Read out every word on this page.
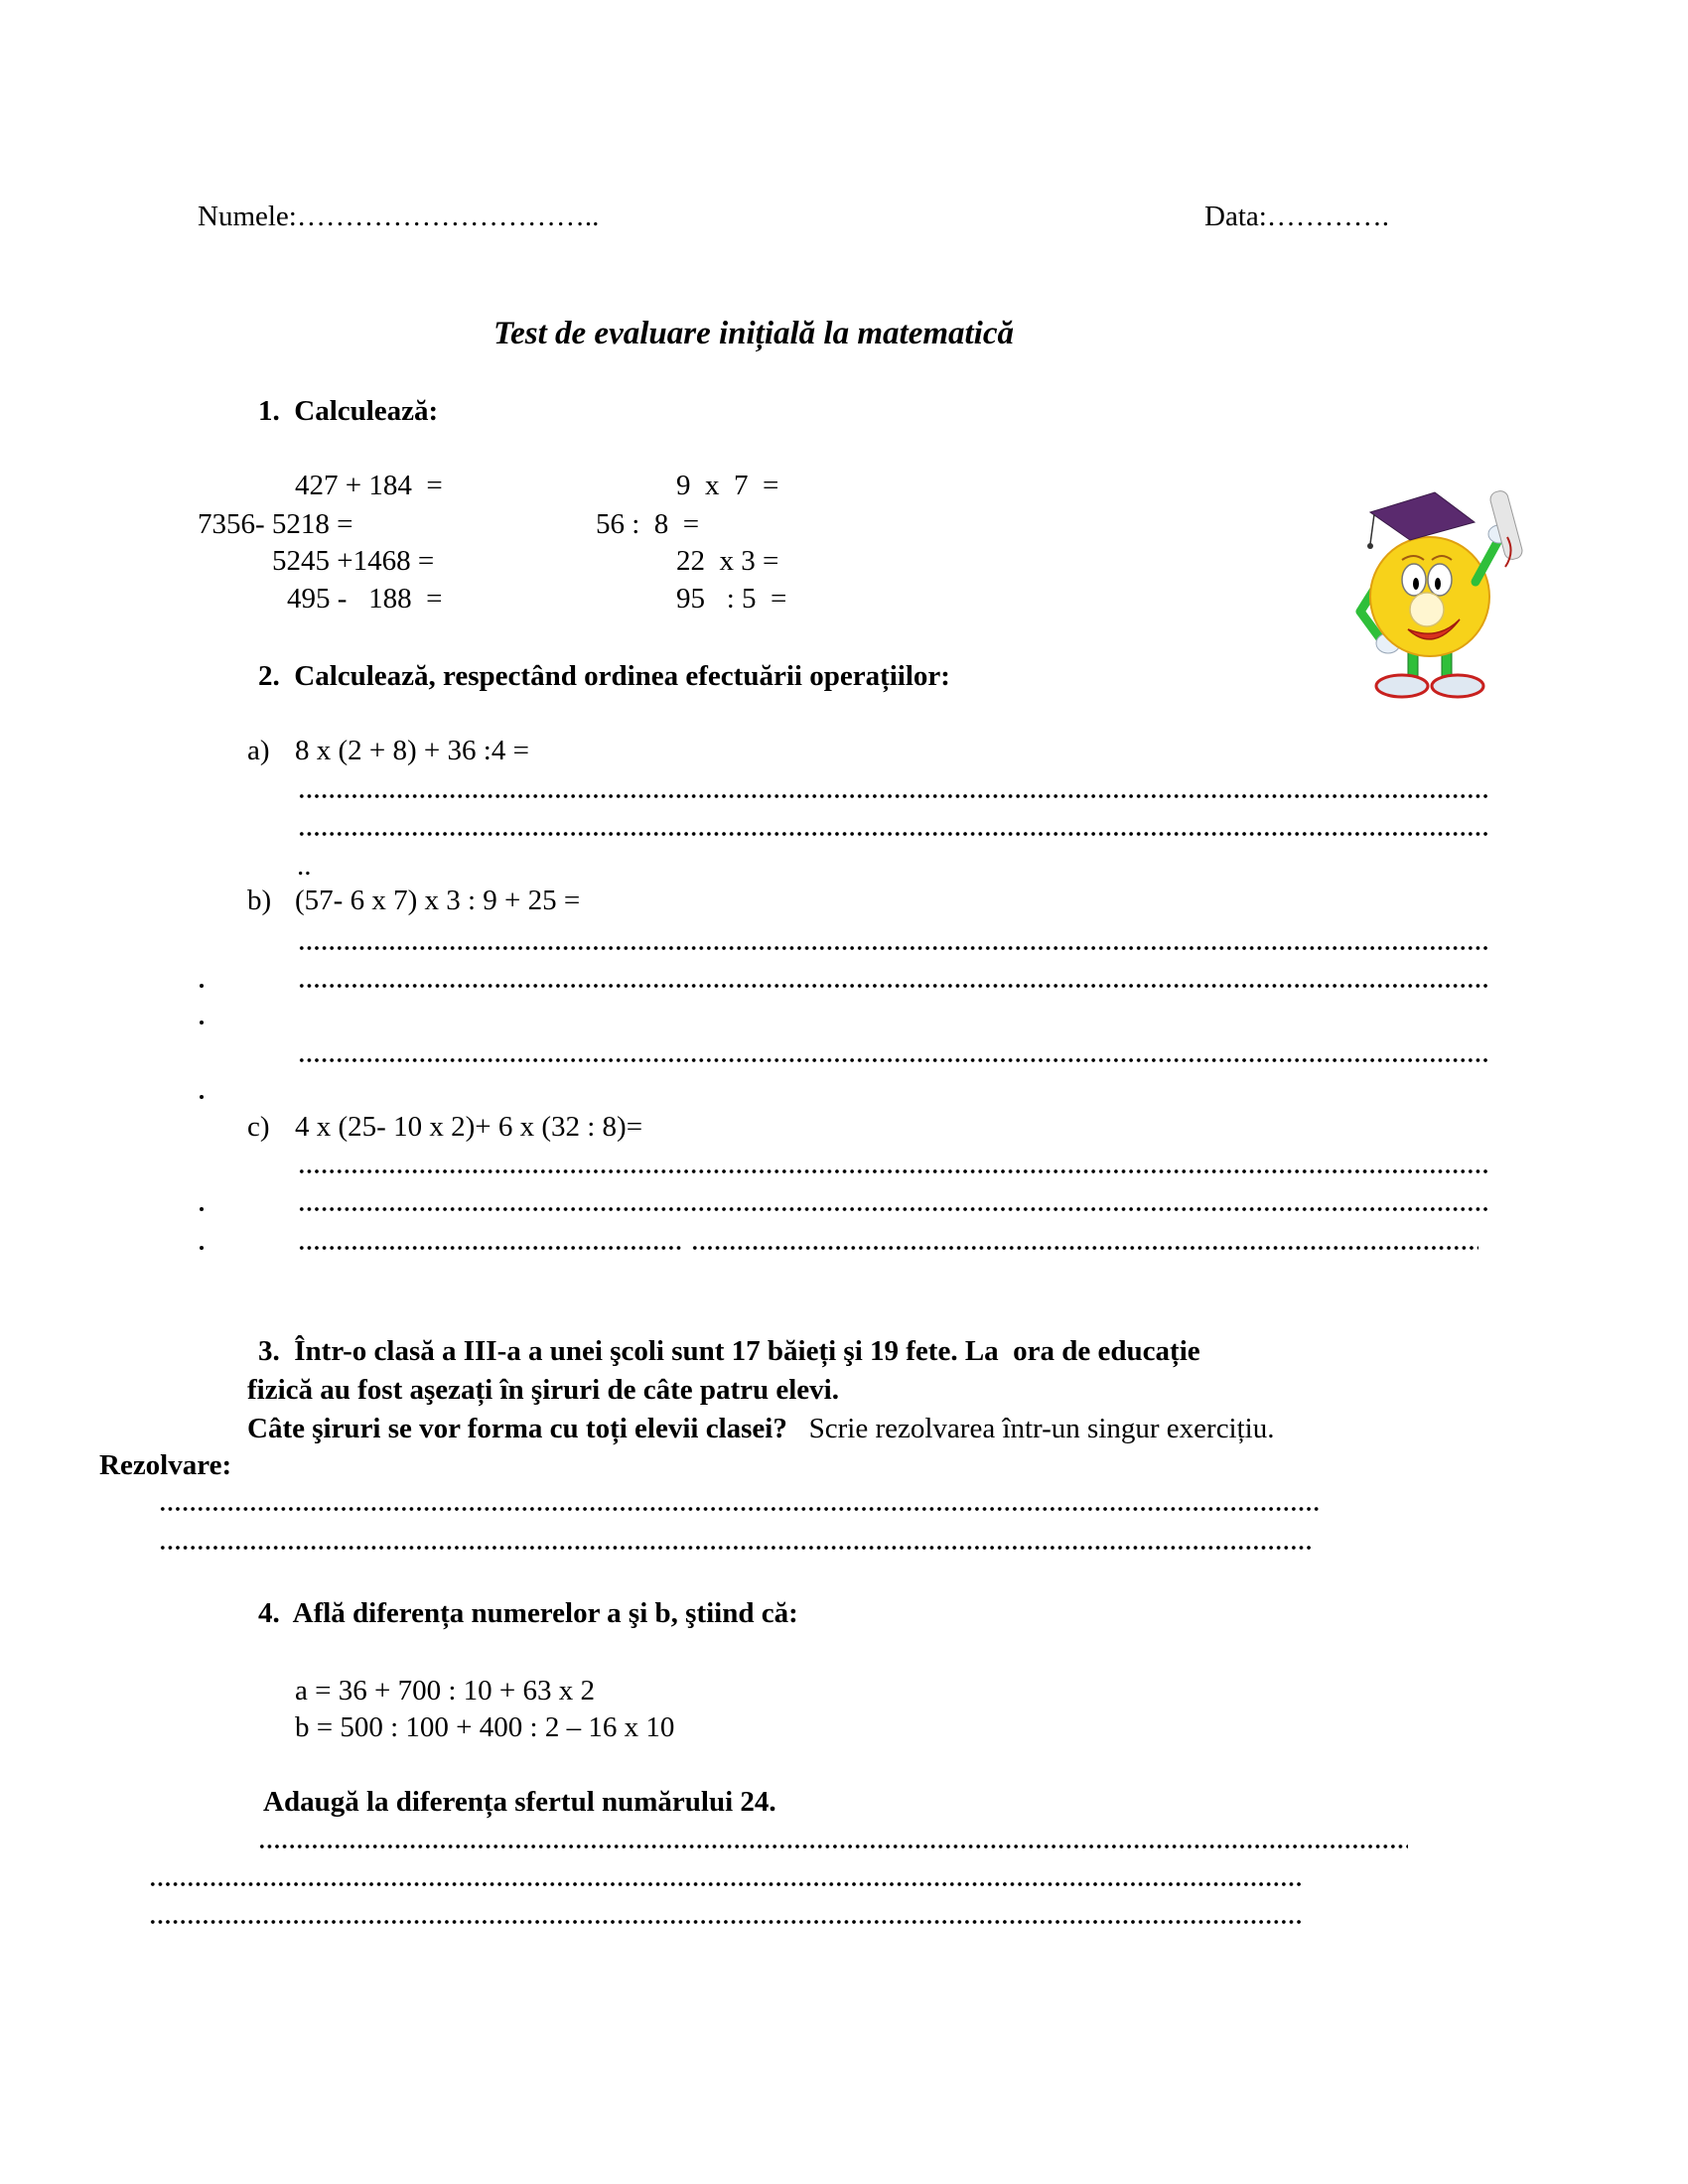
Numele:…………………………..	Data:………….
Test de evaluare inițială la matematică
1.  Calculează:
427 + 184  =
7356- 5218 =
5245 +1468 =
495 -   188  =
9  x  7  =
56 :  8  =
22  x 3 =
95   : 5  =
2.  Calculează, respectând ordinea efectuării operațiilor:
a) 8 x (2 + 8) + 36 :4 =
..
b) (57- 6 x 7) x 3 : 9 + 25 =
c) 4 x (25- 10 x 2)+ 6 x (32 : 8)=
3.  Într-o clasă a III-a a unei şcoli sunt 17 băieți şi 19 fete. La  ora de educație
fizică au fost aşezați în şiruri de câte patru elevi.
Câte şiruri se vor forma cu toți elevii clasei? Scrie rezolvarea într-un singur exercițiu.
Rezolvare:
4.  Află diferența numerelor a şi b, ştiind că:
a = 36 + 700 : 10 + 63 x 2
b = 500 : 100 + 400 : 2 – 16 x 10
Adaugă la diferența sfertul numărului 24.
